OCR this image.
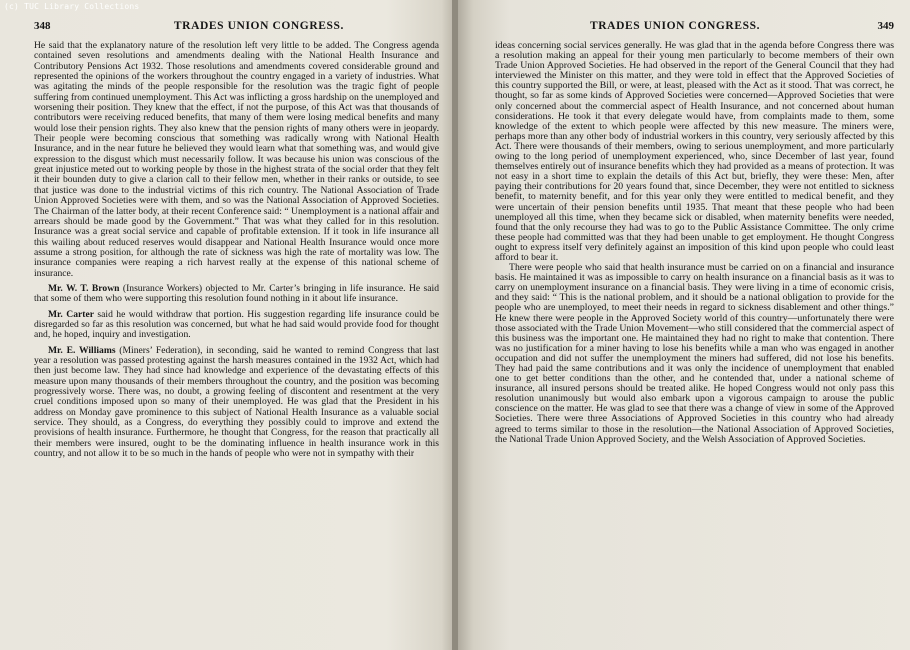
(c) TUC Library Collections
348	TRADES UNION CONGRESS.

He said that the explanatory nature of the resolution left very little to be added. The Congress agenda contained seven resolutions and amendments dealing with the National Health Insurance and Contributory Pensions Act 1932. Those resolutions and amendments covered considerable ground and represented the opinions of the workers throughout the country engaged in a variety of industries. What was agitating the minds of the people responsible for the resolution was the tragic fight of people suffering from continued unemployment. This Act was inflicting a gross hardship on the unemployed and worsening their position. They knew that the effect, if not the purpose, of this Act was that thousands of contributors were receiving reduced benefits, that many of them were losing medical benefits and many would lose their pension rights. They also knew that the pension rights of many others were in jeopardy. Their people were becoming conscious that something was radically wrong with National Health Insurance, and in the near future he believed they would learn what that something was, and would give expression to the disgust which must necessarily follow. It was because his union was conscious of the great injustice meted out to working people by those in the highest strata of the social order that they felt it their bounden duty to give a clarion call to their fellow men, whether in their ranks or outside, to see that justice was done to the industrial victims of this rich country. The National Association of Trade Union Approved Societies were with them, and so was the National Association of Approved Societies. The Chairman of the latter body, at their recent Conference said: “ Unemployment is a national affair and arrears should be made good by the Government.” That was what they called for in this resolution. Insurance was a great social service and capable of profitable extension. If it took in life insurance all this wailing about reduced reserves would disappear and National Health Insurance would once more assume a strong position, for although the rate of sickness was high the rate of mortality was low. The insurance companies were reaping a rich harvest really at the expense of this national scheme of insurance.

Mr. W. T. Brown (Insurance Workers) objected to Mr. Carter’s bringing in life insurance. He said that some of them who were supporting this resolution found nothing in it about life insurance.

Mr. Carter said he would withdraw that portion. His suggestion regarding life insurance could be disregarded so far as this resolution was concerned, but what he had said would provide food for thought and, he hoped, inquiry and investigation.

Mr. E. Williams (Miners’ Federation), in seconding, said he wanted to remind Congress that last year a resolution was passed protesting against the harsh measures contained in the 1932 Act, which had then just become law. They had since had knowledge and experience of the devastating effects of this measure upon many thousands of their members throughout the country, and the position was becoming progressively worse. There was, no doubt, a growing feeling of discontent and resentment at the very cruel conditions imposed upon so many of their unemployed. He was glad that the President in his address on Monday gave prominence to this subject of National Health Insurance as a valuable social service. They should, as a Congress, do everything they possibly could to improve and extend the provisions of health insurance. Furthermore, he thought that Congress, for the reason that practically all their members were insured, ought to be the dominating influence in health insurance work in this country, and not allow it to be so much in the hands of people who were not in sympathy with their

TRADES UNION CONGRESS.	349

ideas concerning social services generally. He was glad that in the agenda before Congress there was a resolution making an appeal for their young men particularly to become members of their own Trade Union Approved Societies. He had observed in the report of the General Council that they had interviewed the Minister on this matter, and they were told in effect that the Approved Societies of this country supported the Bill, or were, at least, pleased with the Act as it stood. That was correct, he thought, so far as some kinds of Approved Societies were concerned—Approved Societies that were only concerned about the commercial aspect of Health Insurance, and not concerned about human considerations. He took it that every delegate would have, from complaints made to them, some knowledge of the extent to which people were affected by this new measure. The miners were, perhaps more than any other body of industrial workers in this country, very seriously affected by this Act. There were thousands of their members, owing to serious unemployment, and more particularly owing to the long period of unemployment experienced, who, since December of last year, found themselves entirely out of insurance benefits which they had provided as a means of protection. It was not easy in a short time to explain the details of this Act but, briefly, they were these: Men, after paying their contributions for 20 years found that, since December, they were not entitled to sickness benefit, to maternity benefit, and for this year only they were entitled to medical benefit, and they were uncertain of their pension benefits until 1935. That meant that these people who had been unemployed all this time, when they became sick or disabled, when maternity benefits were needed, found that the only recourse they had was to go to the Public Assistance Committee. The only crime these people had committed was that they had been unable to get employment. He thought Congress ought to express itself very definitely against an imposition of this kind upon people who could least afford to bear it.

There were people who said that health insurance must be carried on on a financial and insurance basis. He maintained it was as impossible to carry on health insurance on a financial basis as it was to carry on unemployment insurance on a financial basis. They were living in a time of economic crisis, and they said: “ This is the national problem, and it should be a national obligation to provide for the people who are unemployed, to meet their needs in regard to sickness disablement and other things.” He knew there were people in the Approved Society world of this country—unfortunately there were those associated with the Trade Union Movement—who still considered that the commercial aspect of this business was the important one. He maintained they had no right to make that contention. There was no justification for a miner having to lose his benefits while a man who was engaged in another occupation and did not suffer the unemployment the miners had suffered, did not lose his benefits. They had paid the same contributions and it was only the incidence of unemployment that enabled one to get better conditions than the other, and he contended that, under a national scheme of insurance, all insured persons should be treated alike. He hoped Congress would not only pass this resolution unanimously but would also embark upon a vigorous campaign to arouse the public conscience on the matter. He was glad to see that there was a change of view in some of the Approved Societies. There were three Associations of Approved Societies in this country who had already agreed to terms similar to those in the resolution—the National Association of Approved Societies, the National Trade Union Approved Society, and the Welsh Association of Approved Societies.
